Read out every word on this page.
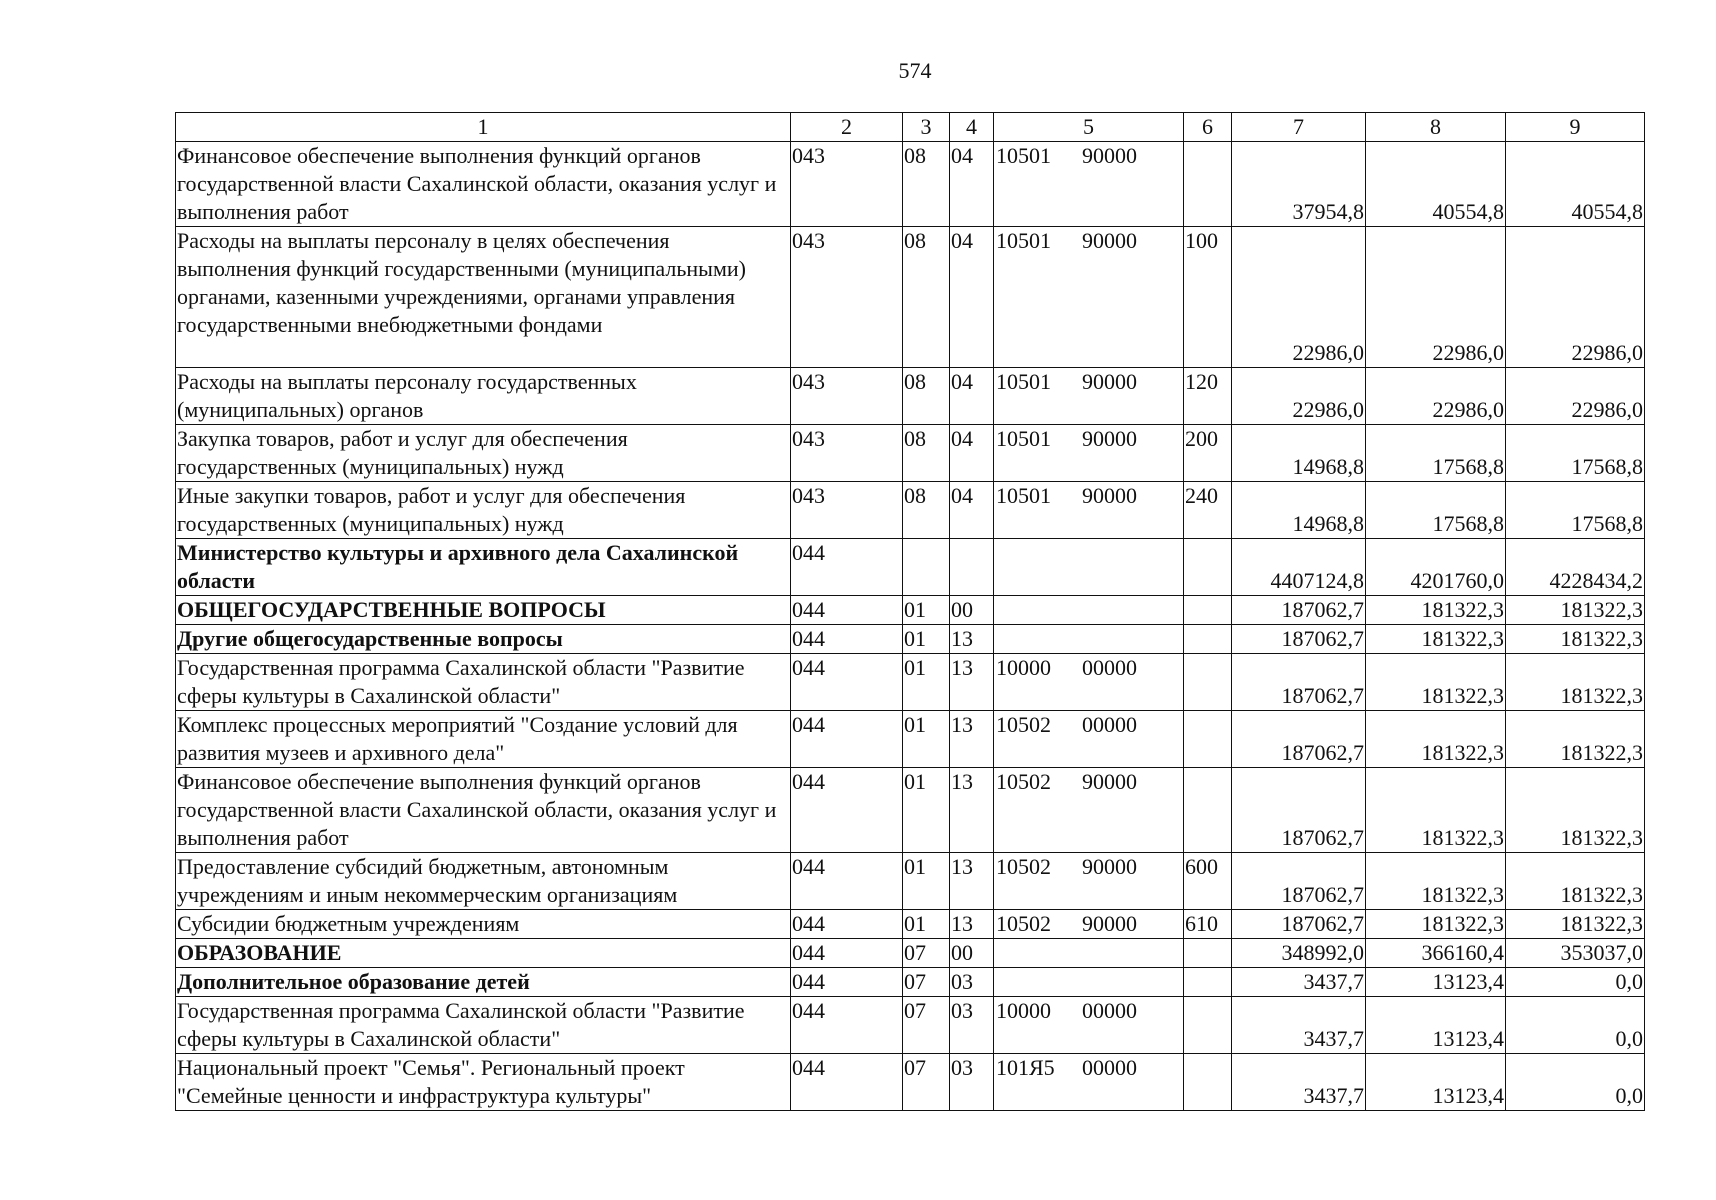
574
1	2	3	4	5	6	7	8	9
Финансовое обеспечение выполнения функций органов государственной власти Сахалинской области, оказания услуг и выполнения работ	043	08	04	10501 90000		37954,8	40554,8	40554,8
Расходы на выплаты персоналу в целях обеспечения выполнения функций государственными (муниципальными) органами, казенными учреждениями, органами управления государственными внебюджетными фондами	043	08	04	10501 90000	100	22986,0	22986,0	22986,0
Расходы на выплаты персоналу государственных (муниципальных) органов	043	08	04	10501 90000	120	22986,0	22986,0	22986,0
Закупка товаров, работ и услуг для обеспечения государственных (муниципальных) нужд	043	08	04	10501 90000	200	14968,8	17568,8	17568,8
Иные закупки товаров, работ и услуг для обеспечения государственных (муниципальных) нужд	043	08	04	10501 90000	240	14968,8	17568,8	17568,8
Министерство культуры и архивного дела Сахалинской области	044					4407124,8	4201760,0	4228434,2
ОБЩЕГОСУДАРСТВЕННЫЕ ВОПРОСЫ	044	01	00			187062,7	181322,3	181322,3
Другие общегосударственные вопросы	044	01	13			187062,7	181322,3	181322,3
Государственная программа Сахалинской области "Развитие сферы культуры в Сахалинской области"	044	01	13	10000 00000		187062,7	181322,3	181322,3
Комплекс процессных мероприятий "Создание условий для развития музеев и архивного дела"	044	01	13	10502 00000		187062,7	181322,3	181322,3
Финансовое обеспечение выполнения функций органов государственной власти Сахалинской области, оказания услуг и выполнения работ	044	01	13	10502 90000		187062,7	181322,3	181322,3
Предоставление субсидий бюджетным, автономным учреждениям и иным некоммерческим организациям	044	01	13	10502 90000	600	187062,7	181322,3	181322,3
Субсидии бюджетным учреждениям	044	01	13	10502 90000	610	187062,7	181322,3	181322,3
ОБРАЗОВАНИЕ	044	07	00			348992,0	366160,4	353037,0
Дополнительное образование детей	044	07	03			3437,7	13123,4	0,0
Государственная программа Сахалинской области "Развитие сферы культуры в Сахалинской области"	044	07	03	10000 00000		3437,7	13123,4	0,0
Национальный проект "Семья". Региональный проект "Семейные ценности и инфраструктура культуры"	044	07	03	101Я5 00000		3437,7	13123,4	0,0
